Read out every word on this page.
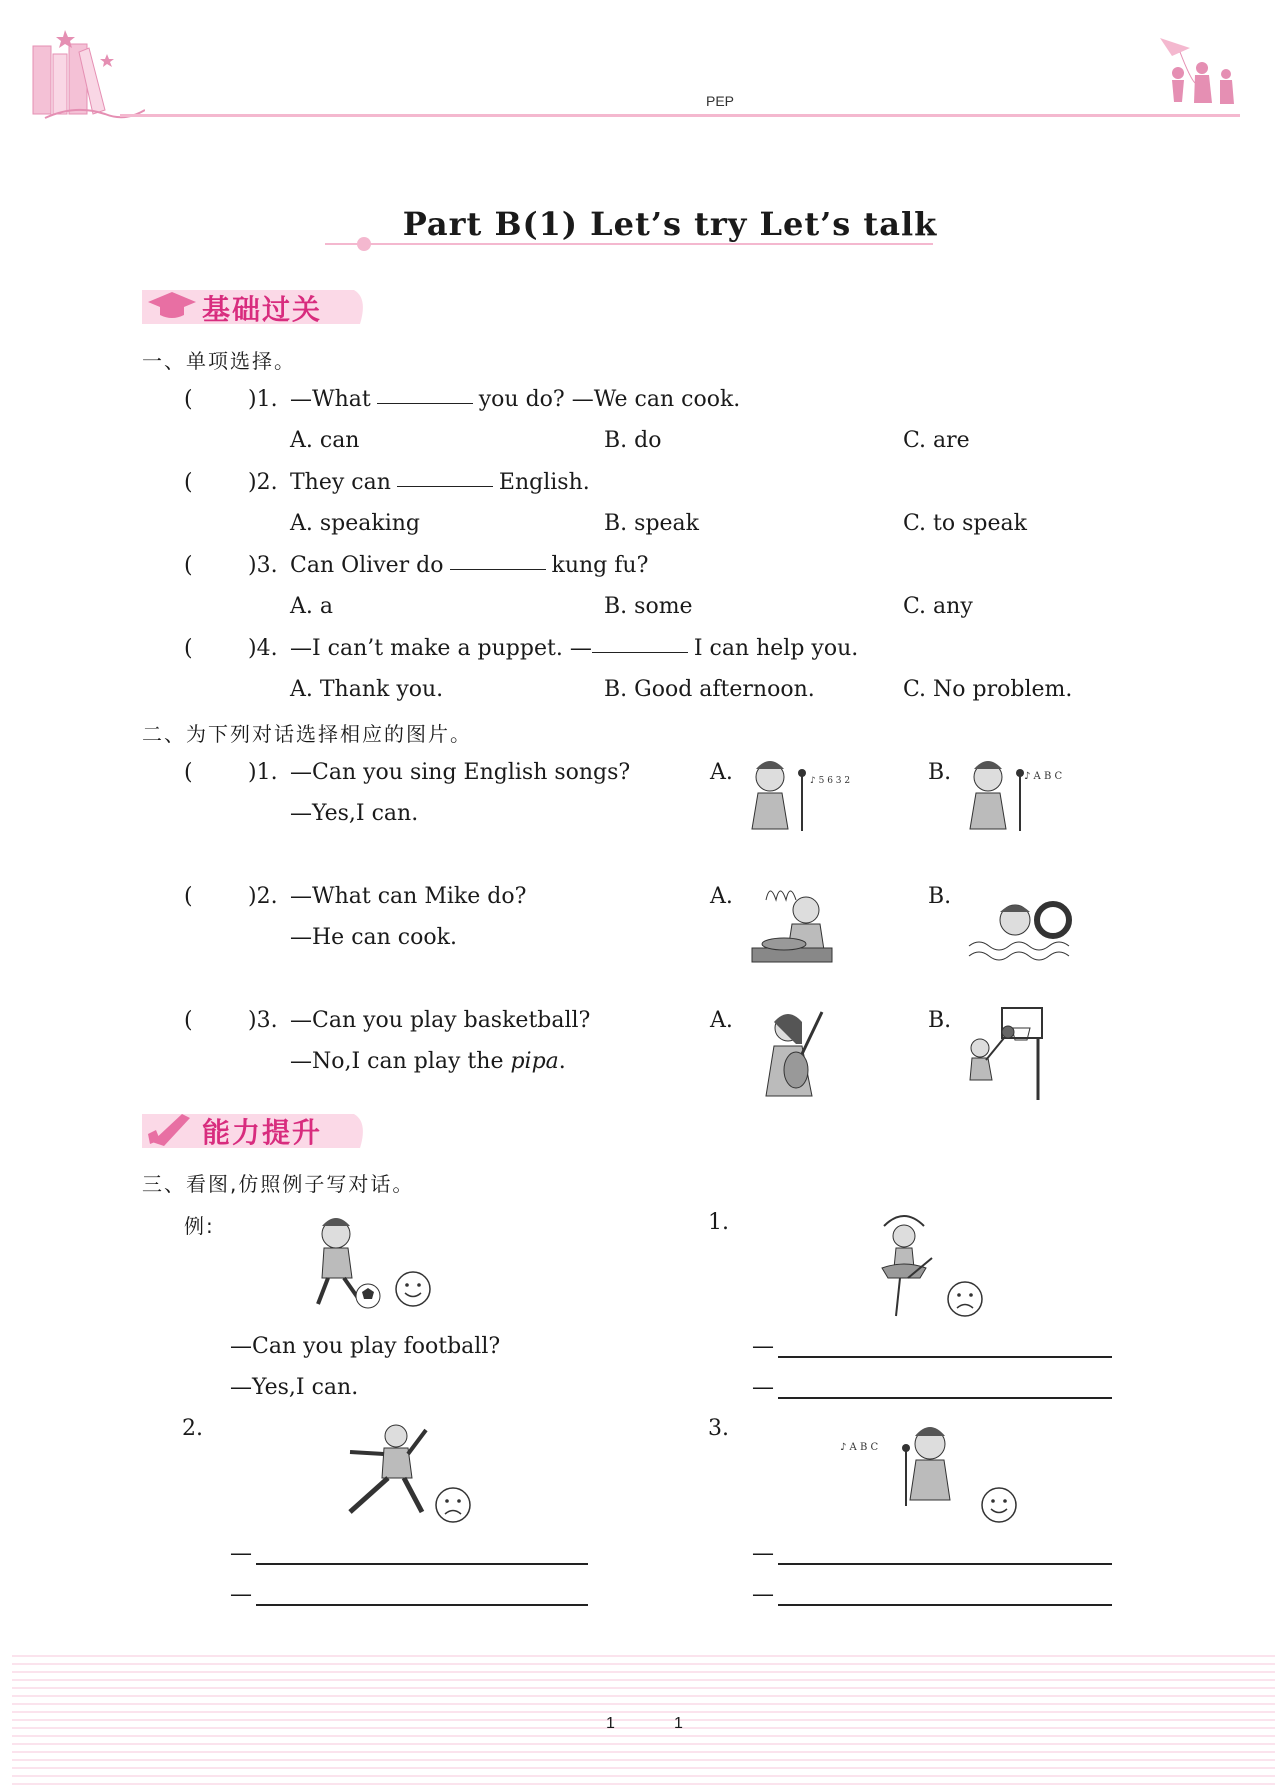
PEP
Part B(1) Let’s try Let’s talk
基础过关
一、单项选择。
(	)1. —What	you do? —We can cook.
A. can	B. do	C. are
(	)2. They can	English.
A. speaking	B. speak	C. to speak
(	)3. Can Oliver do	kung fu?
A. a	B. some	C. any
(	)4. —I can’t make a puppet. —	I can help you.
A. Thank you.	B. Good afternoon.	C. No problem.
二、为下列对话选择相应的图片。
(	)1. —Can you sing English songs?
—Yes,I can.
A.	B.
♪ 5 6 3 2	♪ A B C
(	)2. —What can Mike do?
—He can cook.
A.	B.
(	)3. —Can you play basketball?
—No,I can play the pipa.
A.	B.
能力提升
三、看图,仿照例子写对话。
例:
—Can you play football?
—Yes,I can.
1.
—
—
2.
—
—
3.
♪ A B C
—
—
1	1
